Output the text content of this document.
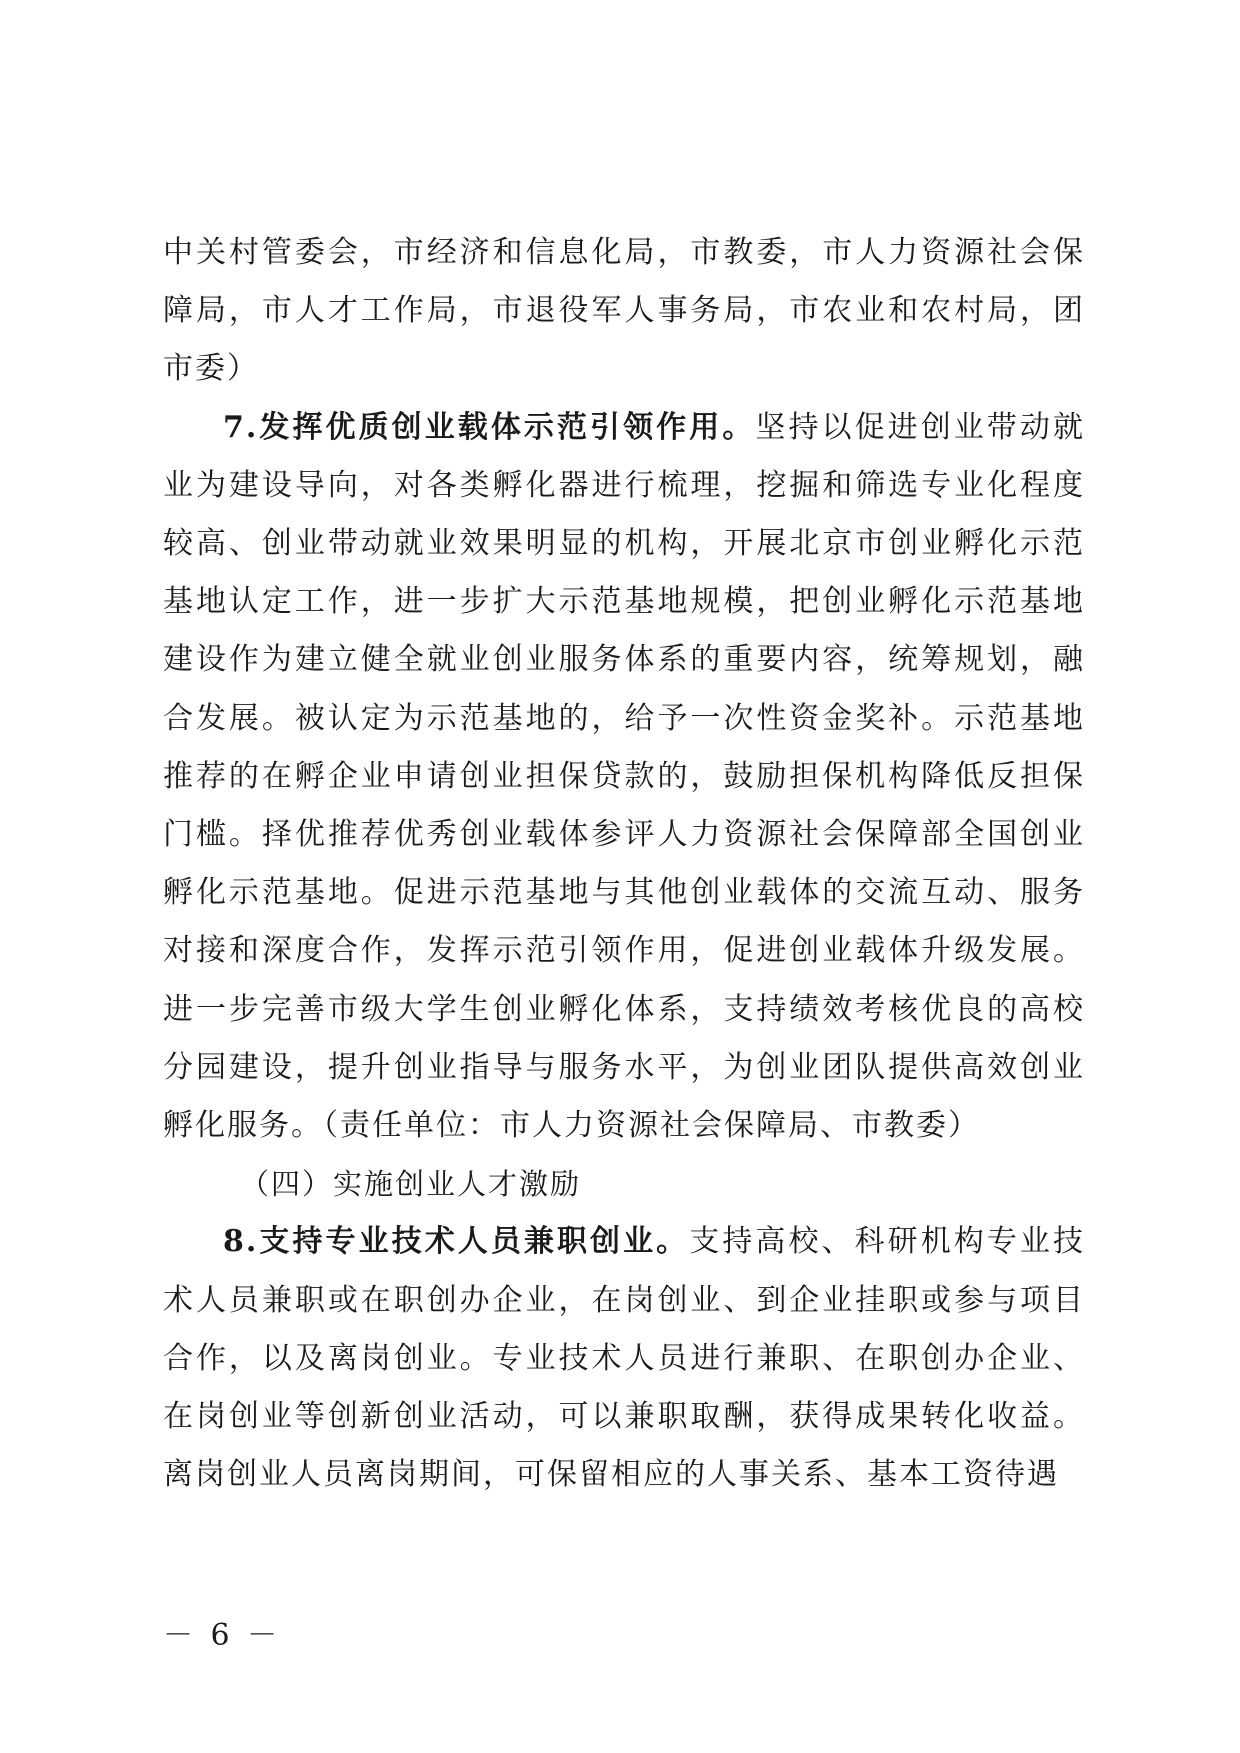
中关村管委会，市经济和信息化局，市教委，市人力资源社会保障局，市人才工作局，市退役军人事务局，市农业和农村局，团市委）

7.发挥优质创业载体示范引领作用。坚持以促进创业带动就业为建设导向，对各类孵化器进行梳理，挖掘和筛选专业化程度较高、创业带动就业效果明显的机构，开展北京市创业孵化示范基地认定工作，进一步扩大示范基地规模，把创业孵化示范基地建设作为建立健全就业创业服务体系的重要内容，统筹规划，融合发展。被认定为示范基地的，给予一次性资金奖补。示范基地推荐的在孵企业申请创业担保贷款的，鼓励担保机构降低反担保门槛。择优推荐优秀创业载体参评人力资源社会保障部全国创业孵化示范基地。促进示范基地与其他创业载体的交流互动、服务对接和深度合作，发挥示范引领作用，促进创业载体升级发展。进一步完善市级大学生创业孵化体系，支持绩效考核优良的高校分园建设，提升创业指导与服务水平，为创业团队提供高效创业孵化服务。（责任单位：市人力资源社会保障局、市教委）

（四）实施创业人才激励

8.支持专业技术人员兼职创业。支持高校、科研机构专业技术人员兼职或在职创办企业，在岗创业、到企业挂职或参与项目合作，以及离岗创业。专业技术人员进行兼职、在职创办企业、在岗创业等创新创业活动，可以兼职取酬，获得成果转化收益。离岗创业人员离岗期间，可保留相应的人事关系、基本工资待遇

－ 6 －
